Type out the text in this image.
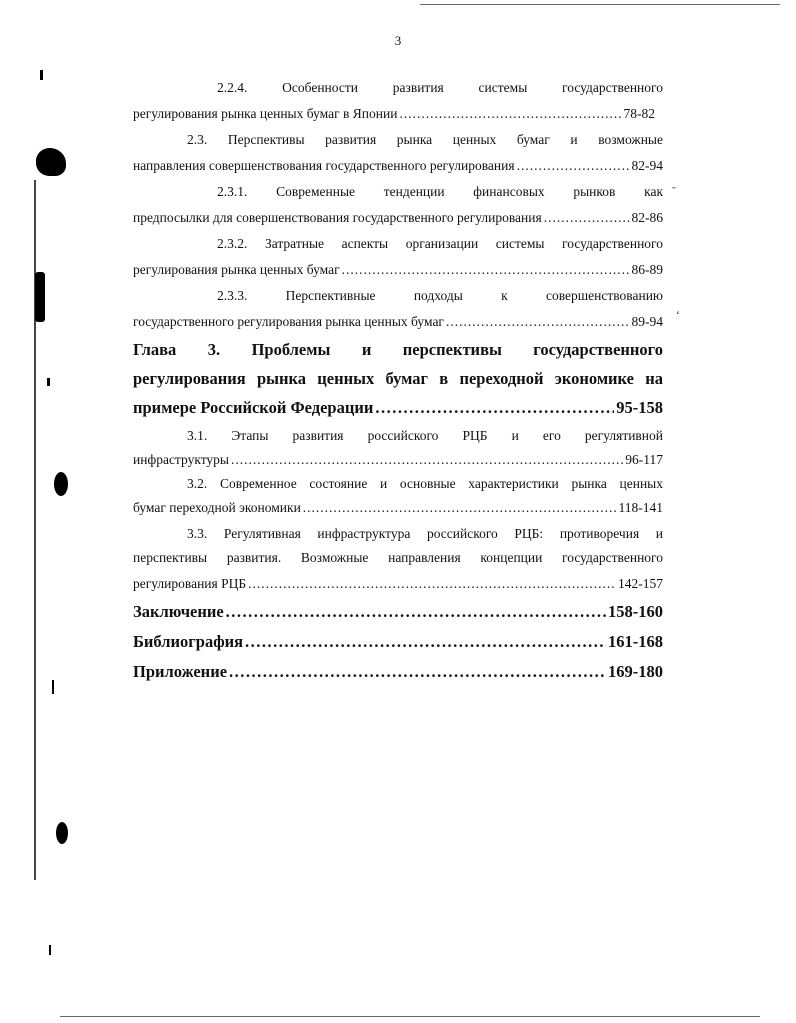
˘
‘
3
2.2.4.	Особенности развития системы государственного
регулирования рынка ценных бумаг в Японии .....	78-82
2.3. Перспективы развития рынка ценных бумаг и возможные
направления совершенствования государственного регулирования .....	82-94
2.3.1. Современные тенденции финансовых рынков как
предпосылки для совершенствования государственного регулирования .....	82-86
2.3.2. Затратные аспекты организации системы государственного
регулирования рынка ценных бумаг .....	86-89
2.3.3.	Перспективные подходы к совершенствованию
государственного регулирования рынка ценных бумаг .....	89-94
Глава 3. Проблемы и перспективы государственного
регулирования рынка ценных бумаг в переходной экономике на
примере Российской Федерации .....	95-158
3.1. Этапы развития российского РЦБ и его регулятивной
инфраструктуры .....	96-117
3.2. Современное состояние и основные характеристики рынка ценных
бумаг переходной экономики .....	118-141
3.3. Регулятивная инфраструктура российского РЦБ: противоречия и
перспективы развития. Возможные направления концепции государственного
регулирования РЦБ .....	142-157
Заключение .....	158-160
Библиография .....	161-168
Приложение .....	169-180
